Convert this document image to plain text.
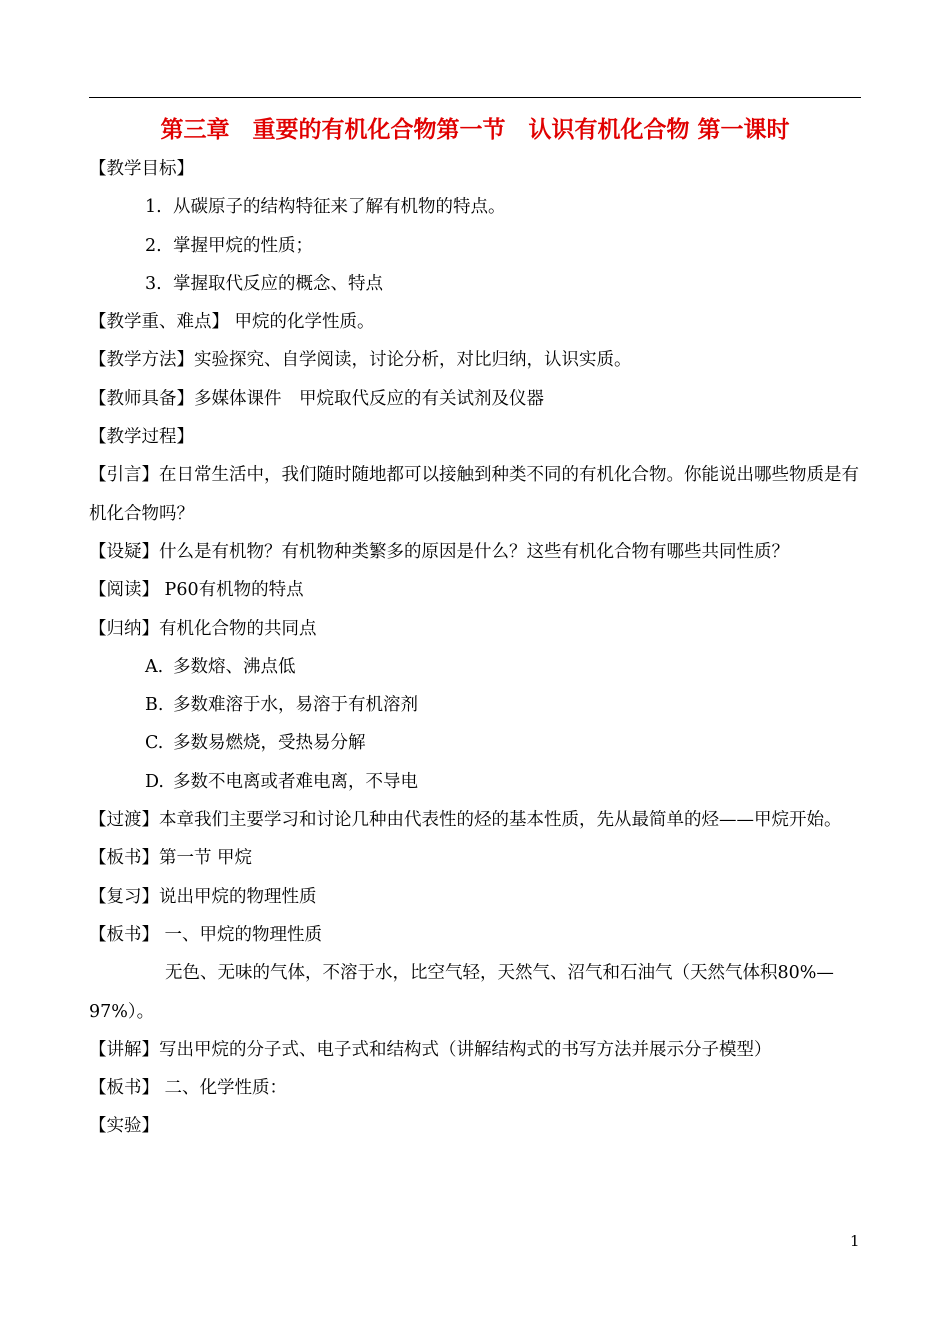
第三章　重要的有机化合物第一节　认识有机化合物 第一课时

【教学目标】

1. 从碳原子的结构特征来了解有机物的特点。

2. 掌握甲烷的性质；

3. 掌握取代反应的概念、特点

【教学重、难点】 甲烷的化学性质。

【教学方法】实验探究、自学阅读，讨论分析，对比归纳，认识实质。

【教师具备】多媒体课件　甲烷取代反应的有关试剂及仪器

【教学过程】

【引言】在日常生活中，我们随时随地都可以接触到种类不同的有机化合物。你能说出哪些物质是有机化合物吗？

【设疑】什么是有机物？有机物种类繁多的原因是什么？这些有机化合物有哪些共同性质？

【阅读】 P60有机物的特点

【归纳】有机化合物的共同点

A. 多数熔、沸点低

B. 多数难溶于水，易溶于有机溶剂

C. 多数易燃烧，受热易分解

D. 多数不电离或者难电离，不导电

【过渡】本章我们主要学习和讨论几种由代表性的烃的基本性质，先从最简单的烃——甲烷开始。

【板书】第一节 甲烷

【复习】说出甲烷的物理性质

【板书】 一、甲烷的物理性质

无色、无味的气体，不溶于水，比空气轻，天然气、沼气和石油气（天然气体积80%—97%）。

【讲解】写出甲烷的分子式、电子式和结构式（讲解结构式的书写方法并展示分子模型）

【板书】 二、化学性质：

【实验】

1
